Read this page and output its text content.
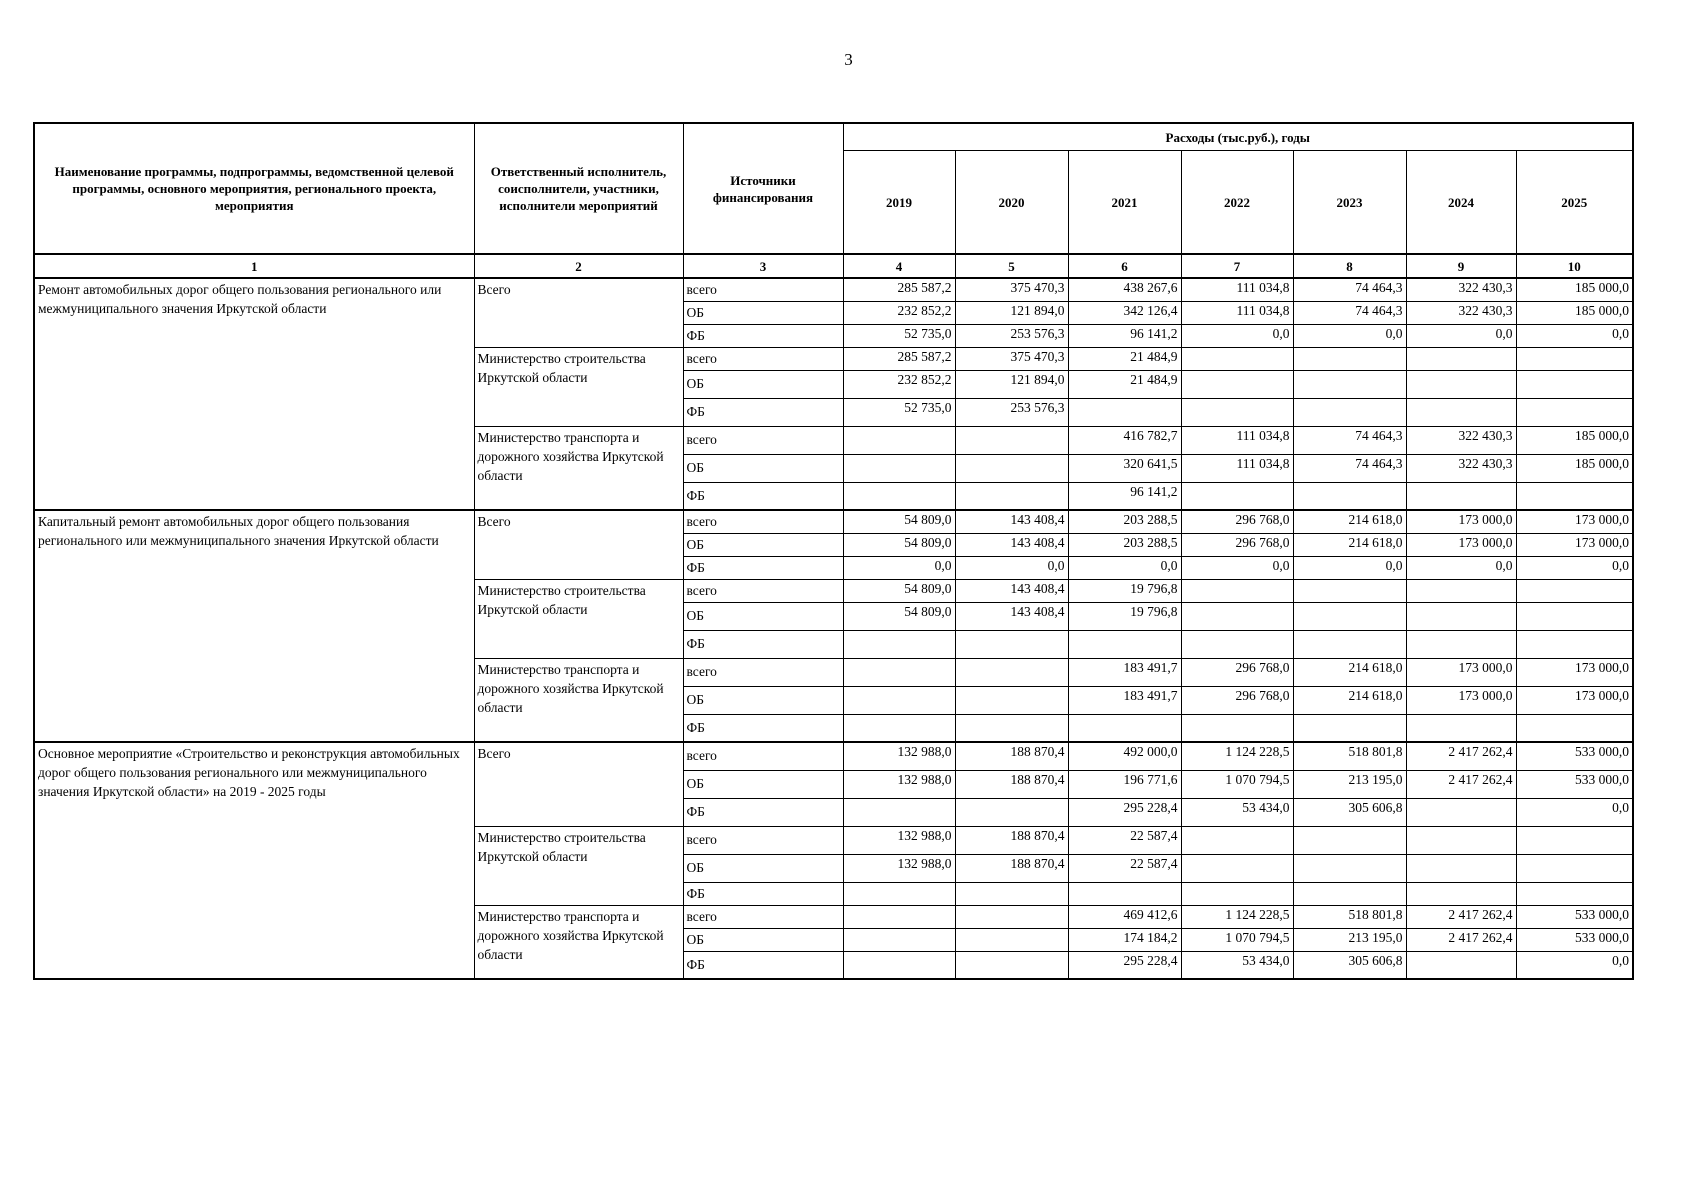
3
Наименование программы, подпрограммы, ведомственной целевой программы, основного мероприятия, регионального проекта, мероприятия	Ответственный исполнитель, соисполнители, участники, исполнители мероприятий	Источники финансирования	Расходы (тыс.руб.), годы						
			2019	2020	2021	2022	2023	2024	2025
1	2	3	4	5	6	7	8	9	10
Ремонт автомобильных дорог общего пользования регионального или межмуниципального значения Иркутской области	Всего	всего	285 587,2	375 470,3	438 267,6	111 034,8	74 464,3	322 430,3	185 000,0
		ОБ	232 852,2	121 894,0	342 126,4	111 034,8	74 464,3	322 430,3	185 000,0
		ФБ	52 735,0	253 576,3	96 141,2	0,0	0,0	0,0	0,0
	Министерство строительства Иркутской области	всего	285 587,2	375 470,3	21 484,9				
		ОБ	232 852,2	121 894,0	21 484,9				
		ФБ	52 735,0	253 576,3					
	Министерство транспорта и дорожного хозяйства Иркутской области	всего			416 782,7	111 034,8	74 464,3	322 430,3	185 000,0
		ОБ			320 641,5	111 034,8	74 464,3	322 430,3	185 000,0
		ФБ			96 141,2				
Капитальный ремонт автомобильных дорог общего пользования регионального или межмуниципального значения Иркутской области	Всего	всего	54 809,0	143 408,4	203 288,5	296 768,0	214 618,0	173 000,0	173 000,0
		ОБ	54 809,0	143 408,4	203 288,5	296 768,0	214 618,0	173 000,0	173 000,0
		ФБ	0,0	0,0	0,0	0,0	0,0	0,0	0,0
	Министерство строительства Иркутской области	всего	54 809,0	143 408,4	19 796,8				
		ОБ	54 809,0	143 408,4	19 796,8				
		ФБ							
	Министерство транспорта и дорожного хозяйства Иркутской области	всего			183 491,7	296 768,0	214 618,0	173 000,0	173 000,0
		ОБ			183 491,7	296 768,0	214 618,0	173 000,0	173 000,0
		ФБ							
Основное мероприятие «Строительство и реконструкция автомобильных дорог общего пользования регионального или межмуниципального значения Иркутской области» на 2019 - 2025 годы	Всего	всего	132 988,0	188 870,4	492 000,0	1 124 228,5	518 801,8	2 417 262,4	533 000,0
		ОБ	132 988,0	188 870,4	196 771,6	1 070 794,5	213 195,0	2 417 262,4	533 000,0
		ФБ			295 228,4	53 434,0	305 606,8		0,0
	Министерство строительства Иркутской области	всего	132 988,0	188 870,4	22 587,4				
		ОБ	132 988,0	188 870,4	22 587,4				
		ФБ							
	Министерство транспорта и дорожного хозяйства Иркутской области	всего			469 412,6	1 124 228,5	518 801,8	2 417 262,4	533 000,0
		ОБ			174 184,2	1 070 794,5	213 195,0	2 417 262,4	533 000,0
		ФБ			295 228,4	53 434,0	305 606,8		0,0
